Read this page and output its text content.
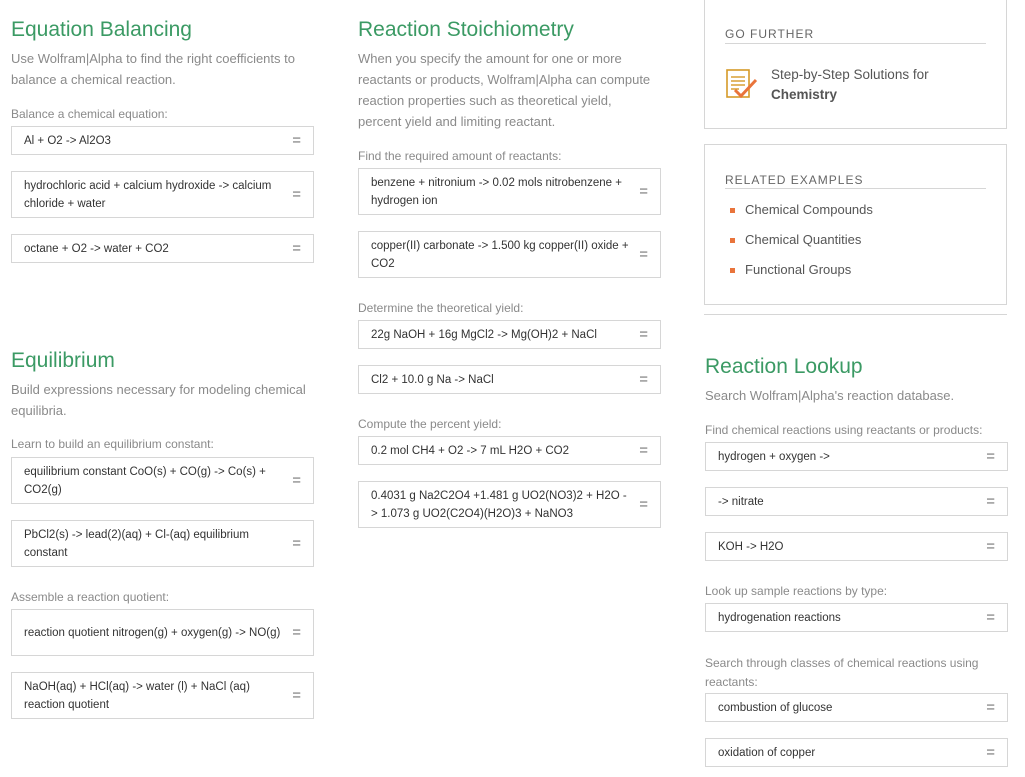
Equation Balancing
Use Wolfram|Alpha to find the right coefficients to balance a chemical reaction.
Balance a chemical equation:
Al + O2 -> Al2O3	=
hydrochloric acid + calcium hydroxide -> calcium chloride + water
=
octane + O2 -> water + CO2	=
Equilibrium
Build expressions necessary for modeling chemical equilibria.
Learn to build an equilibrium constant:
equilibrium constant CoO(s) + CO(g) -> Co(s) + CO2(g)
=
PbCl2(s) -> lead(2)(aq) + Cl-(aq) equilibrium constant
=
Assemble a reaction quotient:
reaction quotient nitrogen(g) + oxygen(g) -> NO(g) =
NaOH(aq) + HCl(aq) -> water (l) + NaCl (aq) reaction quotient
=
Reaction Stoichiometry
When you specify the amount for one or more reactants or products, Wolfram|Alpha can compute reaction properties such as theoretical yield, percent yield and limiting reactant.
Find the required amount of reactants:
benzene + nitronium -> 0.02 mols nitrobenzene + hydrogen ion
=
copper(II) carbonate -> 1.500 kg copper(II) oxide + CO2
=
Determine the theoretical yield:
22g NaOH + 16g MgCl2 -> Mg(OH)2 + NaCl	=
Cl2 + 10.0 g Na -> NaCl	=
Compute the percent yield:
0.2 mol CH4 + O2 -> 7 mL H2O + CO2	=
0.4031 g Na2C2O4 +1.481 g UO2(NO3)2 + H2O -> 1.073 g UO2(C2O4)(H2O)3 + NaNO3
=
GO FURTHER
Step-by-Step Solutions for
Chemistry
RELATED EXAMPLES
Chemical Compounds
Chemical Quantities
Functional Groups
Reaction Lookup
Search Wolfram|Alpha's reaction database.
Find chemical reactions using reactants or products:
hydrogen + oxygen ->	=
-> nitrate	=
KOH -> H2O	=
Look up sample reactions by type:
hydrogenation reactions	=
Search through classes of chemical reactions using reactants:
combustion of glucose	=
oxidation of copper	=
